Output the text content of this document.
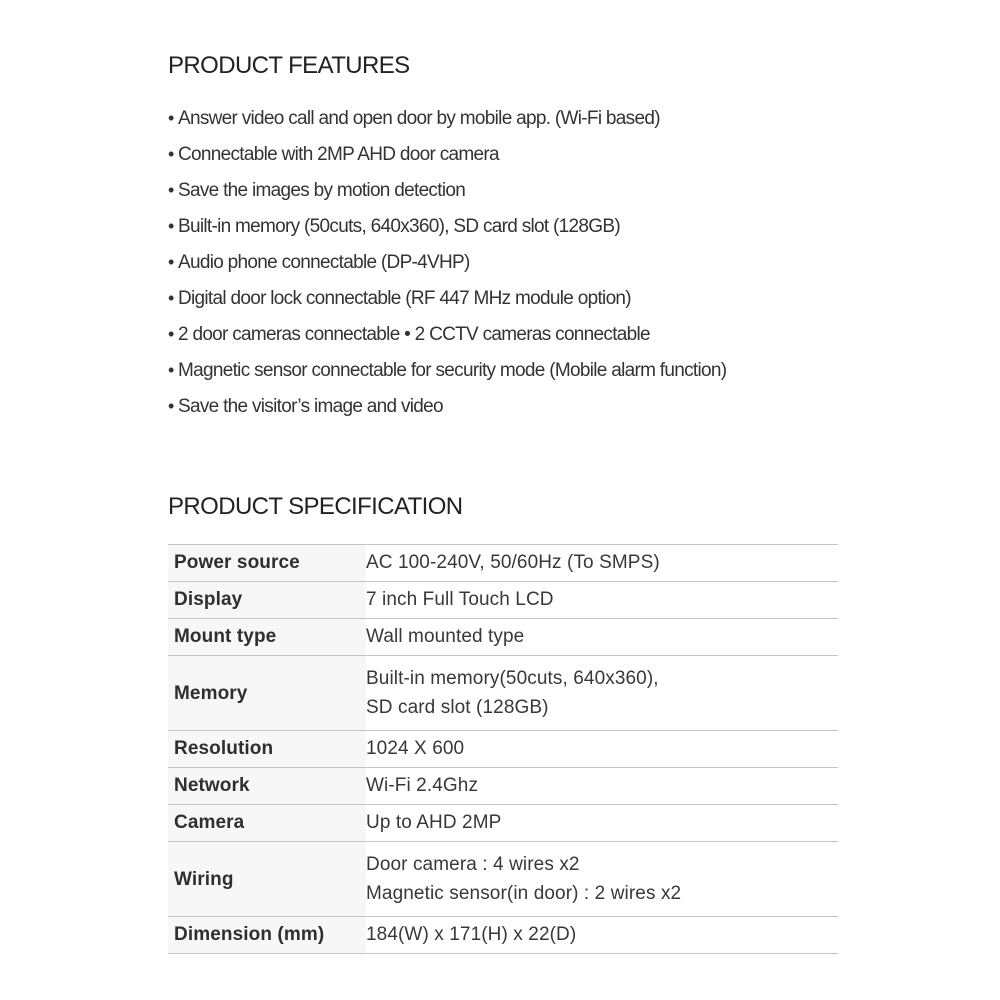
PRODUCT FEATURES
• Answer video call and open door by mobile app. (Wi-Fi based)
• Connectable with 2MP AHD door camera
• Save the images by motion detection
• Built-in memory (50cuts, 640x360), SD card slot (128GB)
• Audio phone connectable (DP-4VHP)
• Digital door lock connectable (RF 447 MHz module option)
• 2 door cameras connectable • 2 CCTV cameras connectable
• Magnetic sensor connectable for security mode (Mobile alarm function)
• Save the visitor’s image and video
PRODUCT SPECIFICATION
Power source	AC 100-240V, 50/60Hz (To SMPS)

Display	7 inch Full Touch LCD

Mount type	Wall mounted type

Memory	Built-in memory(50cuts, 640x360),
SD card slot (128GB)

Resolution	1024 X 600

Network	Wi-Fi 2.4Ghz

Camera	Up to AHD 2MP

Wiring	Door camera : 4 wires x2
Magnetic sensor(in door) : 2 wires x2

Dimension (mm)	184(W) x 171(H) x 22(D)
